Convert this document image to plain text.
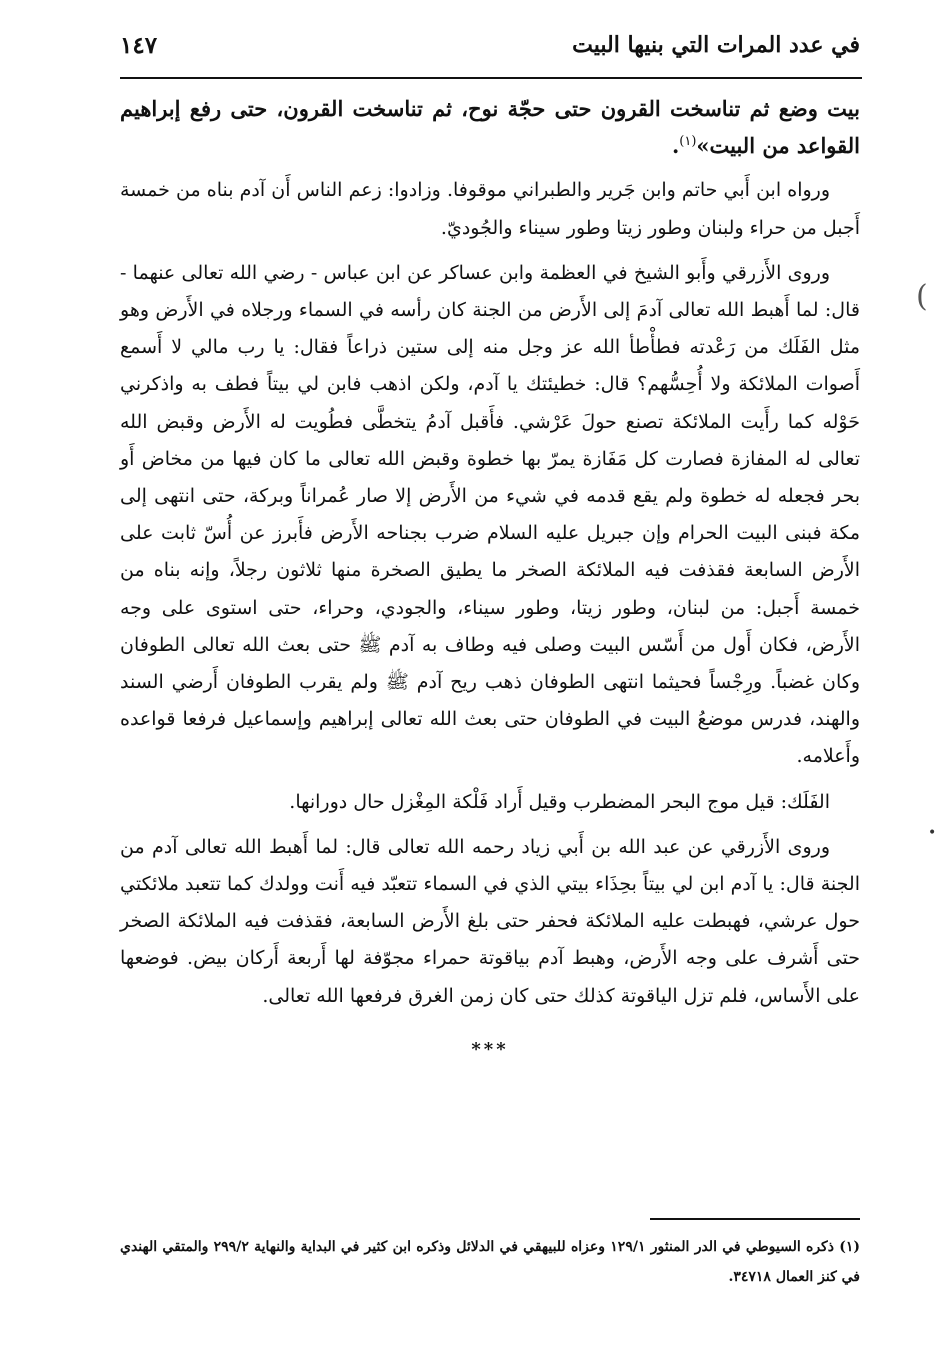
في عدد المرات التي بنيها البيت
١٤٧

بيت وضع ثم تناسخت القرون حتى حجّة نوح، ثم تناسخت القرون، حتى رفع إبراهيم القواعد من البيت»$^{(١)}$.

ورواه ابن أَبي حاتم وابن جَرير والطبراني موقوفا. وزادوا: زعم الناس أَن آدم بناه من خمسة أَجبل من حراء ولبنان وطور زيتا وطور سيناء والجُوديّ.

وروى الأَزرقي وأَبو الشيخ في العظمة وابن عساكر عن ابن عباس - رضي الله تعالى عنهما - قال: لما أَهبط الله تعالى آدمَ إلى الأَرض من الجنة كان رأسه في السماء ورجلاه في الأَرض وهو مثل الفَلَك من رَعْدته فطأْطأ الله عز وجل منه إلى ستين ذراعاً فقال: يا رب مالي لا أَسمع أَصوات الملائكة ولا أُحِسُّهم؟ قال: خطيئتك يا آدم، ولكن اذهب فابن لي بيتاً فطف به واذكرني حَوْله كما رأَيت الملائكة تصنع حولَ عَرْشي. فأَقبل آدمُ يتخطَّى فطُويت له الأَرض وقبض الله تعالى له المفازة فصارت كل مَفَازة يمرّ بها خطوة وقبض الله تعالى ما كان فيها من مخاض أَو بحر فجعله له خطوة ولم يقع قدمه في شيء من الأَرض إلا صار عُمراناً وبركة، حتى انتهى إلى مكة فبنى البيت الحرام وإن جبريل عليه السلام ضرب بجناحه الأَرض فأَبرز عن أُسّ ثابت على الأَرض السابعة فقذفت فيه الملائكة الصخر ما يطيق الصخرة منها ثلاثون رجلاً، وإنه بناه من خمسة أَجبل: من لبنان، وطور زيتا، وطور سيناء، والجودي، وحراء، حتى استوى على وجه الأَرض، فكان أَول من أَسّس البيت وصلى فيه وطاف به آدم ﷺ حتى بعث الله تعالى الطوفان وكان غضباً. ورِجْساً فحيثما انتهى الطوفان ذهب ريح آدم ﷺ ولم يقرب الطوفان أَرضي السند والهند، فدرس موضعُ البيت في الطوفان حتى بعث الله تعالى إبراهيم وإسماعيل فرفعا قواعده وأَعلامه.

الفَلَك: قيل موج البحر المضطرب وقيل أَراد فَلْكة المِغْزل حال دورانها.

وروى الأَزرقي عن عبد الله بن أَبي زياد رحمه الله تعالى قال: لما أَهبط الله تعالى آدم من الجنة قال: يا آدم ابن لي بيتاً بحِذَاء بيتي الذي في السماء تتعبّد فيه أَنت وولدك كما تتعبد ملائكتي حول عرشي، فهبطت عليه الملائكة فحفر حتى بلغ الأَرض السابعة، فقذفت فيه الملائكة الصخر حتى أَشرف على وجه الأَرض، وهبط آدم بياقوتة حمراء مجوّفة لها أَربعة أَركان بيض. فوضعها على الأَساس، فلم تزل الياقوتة كذلك حتى كان زمن الغرق فرفعها الله تعالى.

***

(١) ذكره السيوطي في الدر المنثور ١٢٩/١ وعزاه للبيهقي في الدلائل وذكره ابن كثير في البداية والنهاية ٢٩٩/٢ والمتقي الهندي في كنز العمال ٣٤٧١٨.

(
•
